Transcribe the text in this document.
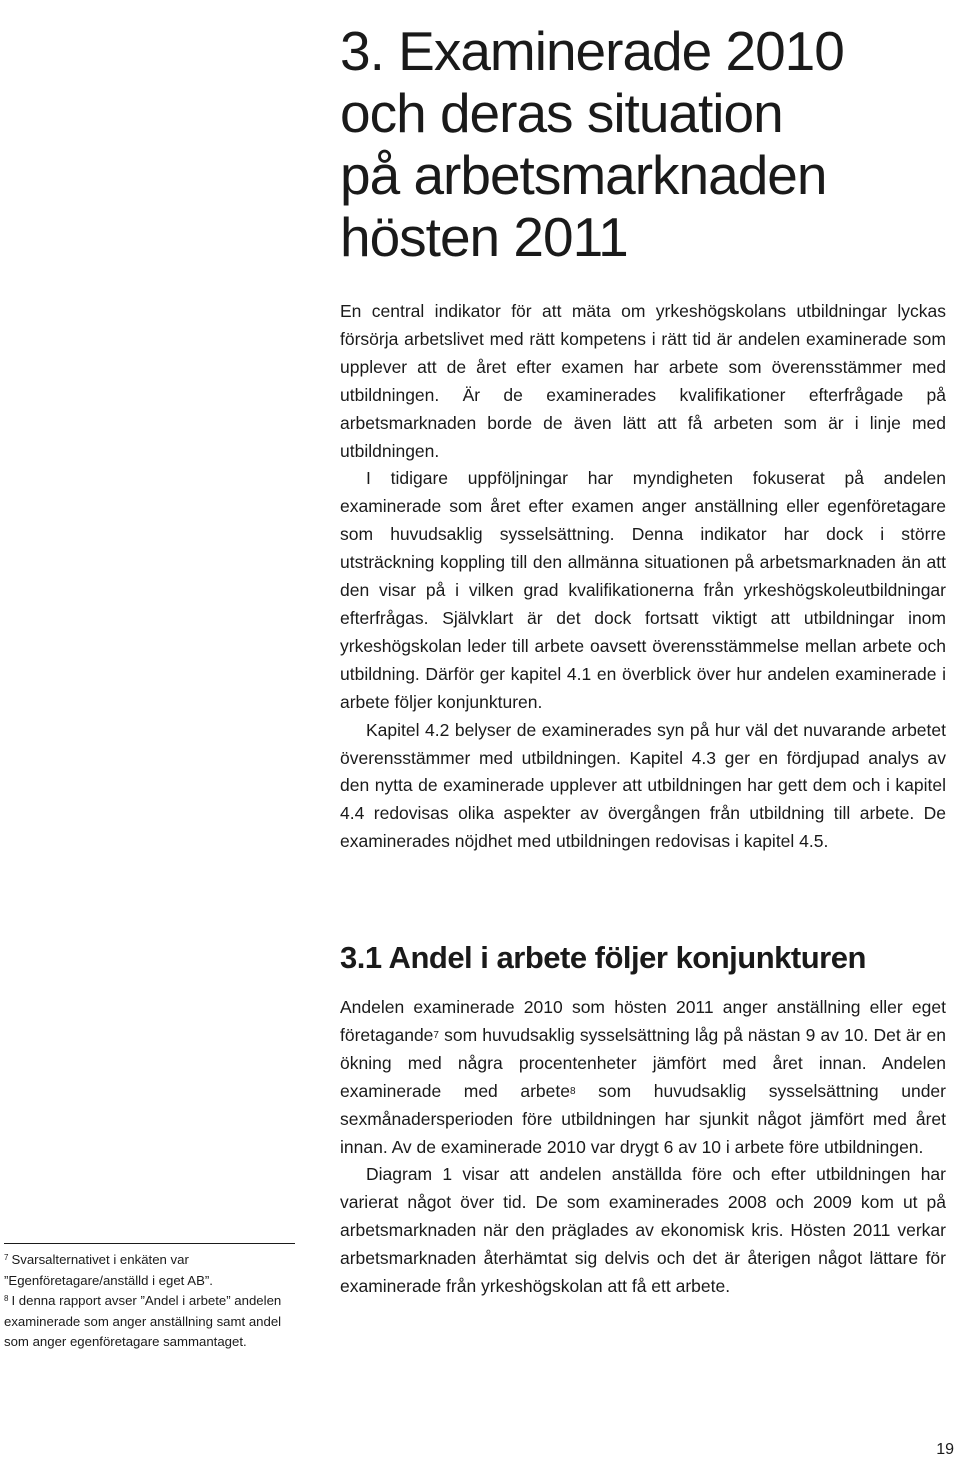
3. Examinerade 2010
och deras situation
på arbetsmarknaden
hösten 2011

En central indikator för att mäta om yrkeshögskolans utbildningar lyckas försörja arbetslivet med rätt kompetens i rätt tid är andelen examinerade som upplever att de året efter examen har arbete som överensstämmer med utbildningen. Är de examinerades kvalifikationer efterfrågade på arbetsmarknaden borde de även lätt att få arbeten som är i linje med utbildningen.

I tidigare uppföljningar har myndigheten fokuserat på andelen examinerade som året efter examen anger anställning eller egenföretagare som huvudsaklig sysselsättning. Denna indikator har dock i större utsträckning koppling till den allmänna situationen på arbetsmarknaden än att den visar på i vilken grad kvalifikationerna från yrkeshögskoleutbildningar efterfrågas. Självklart är det dock fortsatt viktigt att utbildningar inom yrkeshögskolan leder till arbete oavsett överensstämmelse mellan arbete och utbildning. Därför ger kapitel 4.1 en överblick över hur andelen examinerade i arbete följer konjunkturen.

Kapitel 4.2 belyser de examinerades syn på hur väl det nuvarande arbetet överensstämmer med utbildningen. Kapitel 4.3 ger en fördjupad analys av den nytta de examinerade upplever att utbildningen har gett dem och i kapitel 4.4 redovisas olika aspekter av övergången från utbildning till arbete. De examinerades nöjdhet med utbildningen redovisas i kapitel 4.5.

3.1 Andel i arbete följer konjunkturen

Andelen examinerade 2010 som hösten 2011 anger anställning eller eget företagande$^7$ som huvudsaklig sysselsättning låg på nästan 9 av 10. Det är en ökning med några procentenheter jämfört med året innan. Andelen examinerade med arbete$^8$ som huvudsaklig sysselsättning under sexmånadersperioden före utbildningen har sjunkit något jämfört med året innan. Av de examinerade 2010 var drygt 6 av 10 i arbete före utbildningen.

Diagram 1 visar att andelen anställda före och efter utbildningen har varierat något över tid. De som examinerades 2008 och 2009 kom ut på arbetsmarknaden när den präglades av ekonomisk kris. Hösten 2011 verkar arbetsmarknaden återhämtat sig delvis och det är återigen något lättare för examinerade från yrkeshögskolan att få ett arbete.

$^7$ Svarsalternativet i enkäten var ”Egenföretagare/anställd i eget AB”.

$^8$ I denna rapport avser ”Andel i arbete” andelen examinerade som anger anställning samt andel som anger egenföretagare sammantaget.

19
